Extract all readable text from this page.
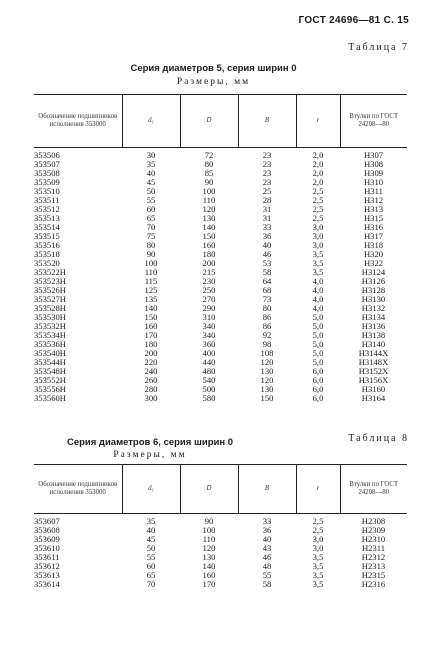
ГОСТ 24696—81 С. 15
Таблица 7
Серия диаметров 5, серия ширин 0
Размеры, мм
Обозначение подшипников исполнения 353000	d₁	D	B	r	Втулки по ГОСТ 24208—80
353506	30	72	23	2,0	Н307
353507	35	80	23	2,0	Н308
353508	40	85	23	2,0	Н309
353509	45	90	23	2,0	Н310
353510	50	100	25	2,5	Н311
353511	55	110	28	2,5	Н312
353512	60	120	31	2,5	Н313
353513	65	130	31	2,5	Н315
353514	70	140	33	3,0	Н316
353515	75	150	36	3,0	Н317
353516	80	160	40	3,0	Н318
353518	90	180	46	3,5	Н320
353520	100	200	53	3,5	Н322
353522Н	110	215	58	3,5	Н3124
353523Н	115	230	64	4,0	Н3126
353526Н	125	250	68	4,0	Н3128
353527Н	135	270	73	4,0	Н3130
353528Н	140	290	80	4,0	Н3132
353530Н	150	310	86	5,0	Н3134
353532Н	160	340	86	5,0	Н3136
353534Н	170	340	92	5,0	Н3138
353536Н	180	360	98	5,0	Н3140
353540Н	200	400	108	5,0	Н3144Х
353544Н	220	440	120	5,0	Н3148Х
353548Н	240	480	130	6,0	Н3152Х
353552Н	260	540	120	6,0	Н3156Х
353556Н	280	500	130	6,0	Н3160
353560Н	300	580	150	6,0	Н3164
Таблица 8
Серия диаметров 6, серия ширин 0
Размеры, мм
Обозначение подшипников исполнения 353000	d₁	D	B	r	Втулки по ГОСТ 24208—80
353607	35	90	33	2,5	Н2308
353608	40	100	36	2,5	Н2309
353609	45	110	40	3,0	Н2310
353610	50	120	43	3,0	Н2311
353611	55	130	46	3,5	Н2312
353612	60	140	48	3,5	Н2313
353613	65	160	55	3,5	Н2315
353614	70	170	58	3,5	Н2316
